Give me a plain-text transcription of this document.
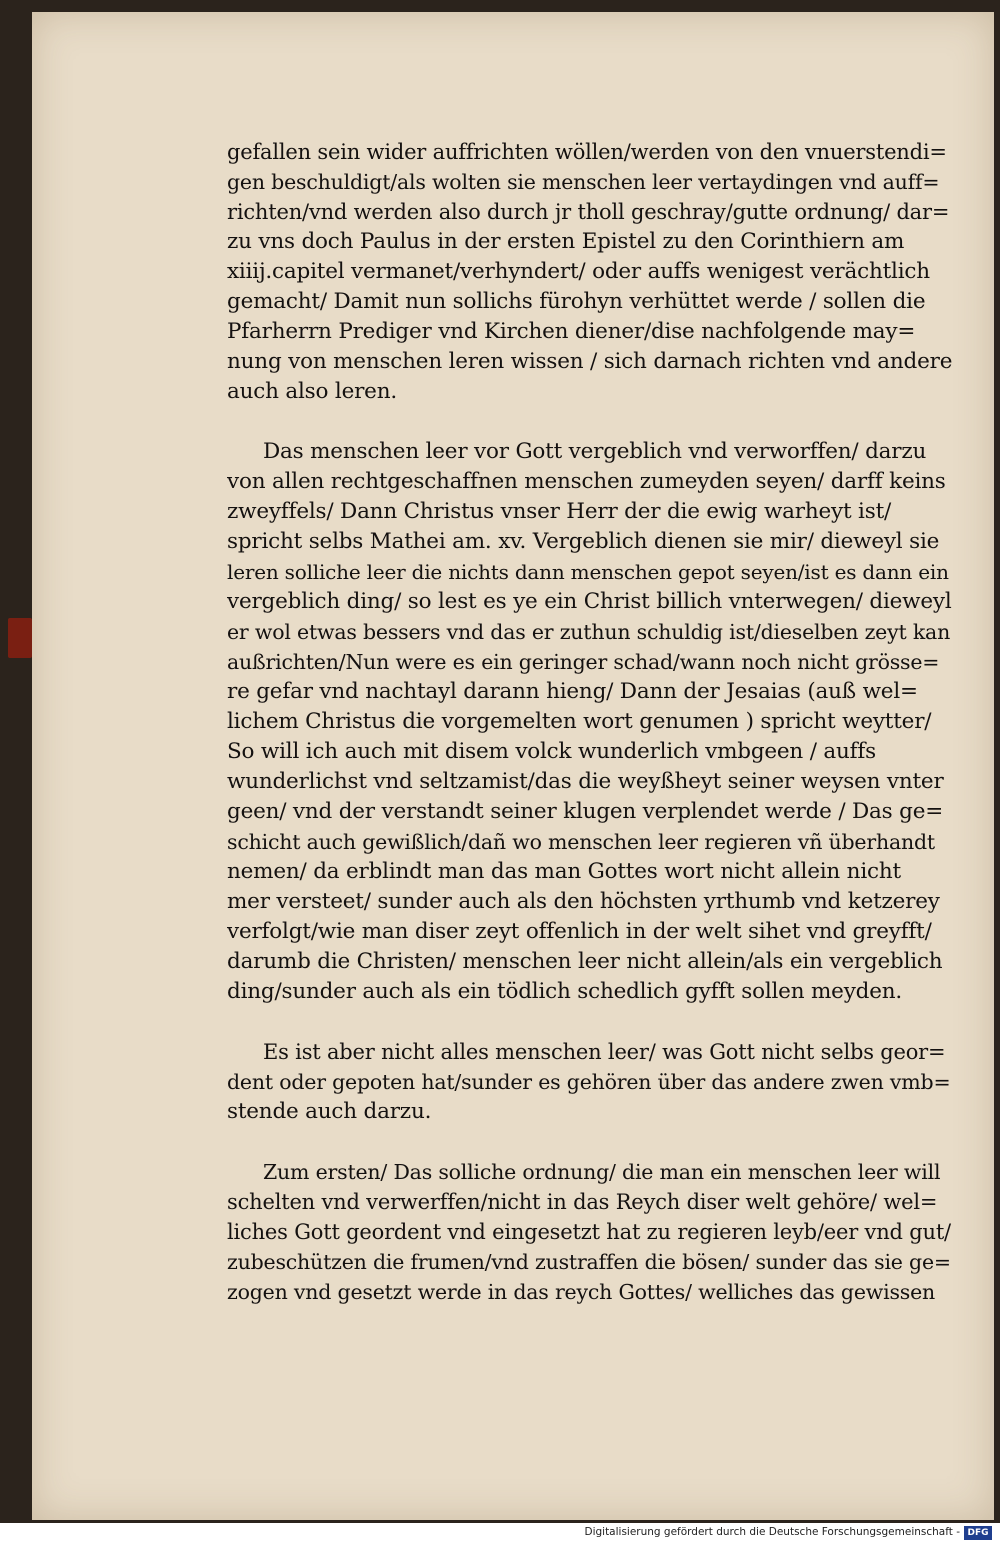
gefallen sein wider auffrichten wöllen/werden von den vnuerstendi=
gen beschuldigt/als wolten sie menschen leer vertaydingen vnd auff=
richten/vnd werden also durch jr tholl geschray/gutte ordnung/ dar=
zu vns doch Paulus in der ersten Epistel zu den Corinthiern am
xiiij.capitel vermanet/verhyndert/ oder auffs wenigest verächtlich
gemacht/ Damit nun sollichs fürohyn verhüttet werde / sollen die
Pfarherrn Prediger vnd Kirchen diener/dise nachfolgende may=
nung von menschen leren wissen / sich darnach richten vnd andere
auch also leren.

Das menschen leer vor Gott vergeblich vnd verworffen/ darzu
von allen rechtgeschaffnen menschen zumeyden seyen/ darff keins
zweyffels/ Dann Christus vnser Herr der die ewig warheyt ist/
spricht selbs Mathei am. xv. Vergeblich dienen sie mir/ dieweyl sie
leren solliche leer die nichts dann menschen gepot seyen/ist es dann ein
vergeblich ding/ so lest es ye ein Christ billich vnterwegen/ dieweyl
er wol etwas bessers vnd das er zuthun schuldig ist/dieselben zeyt kan
außrichten/Nun were es ein geringer schad/wann noch nicht grösse=
re gefar vnd nachtayl darann hieng/ Dann der Jesaias (auß wel=
lichem Christus die vorgemelten wort genumen ) spricht weytter/
So will ich auch mit disem volck wunderlich vmbgeen / auffs
wunderlichst vnd seltzamist/das die weyßheyt seiner weysen vnter
geen/ vnd der verstandt seiner klugen verplendet werde / Das ge=
schicht auch gewißlich/dañ wo menschen leer regieren vñ überhandt
nemen/ da erblindt man das man Gottes wort nicht allein nicht
mer versteet/ sunder auch als den höchsten yrthumb vnd ketzerey
verfolgt/wie man diser zeyt offenlich in der welt sihet vnd greyfft/
darumb die Christen/ menschen leer nicht allein/als ein vergeblich
ding/sunder auch als ein tödlich schedlich gyfft sollen meyden.

Es ist aber nicht alles menschen leer/ was Gott nicht selbs geor=
dent oder gepoten hat/sunder es gehören über das andere zwen vmb=
stende auch darzu.

Zum ersten/ Das solliche ordnung/ die man ein menschen leer will
schelten vnd verwerffen/nicht in das Reych diser welt gehöre/ wel=
liches Gott geordent vnd eingesetzt hat zu regieren leyb/eer vnd gut/
zubeschützen die frumen/vnd zustraffen die bösen/ sunder das sie ge=
zogen vnd gesetzt werde in das reych Gottes/ welliches das gewissen

Digitalisierung gefördert durch die Deutsche Forschungsgemeinschaft - DFG
